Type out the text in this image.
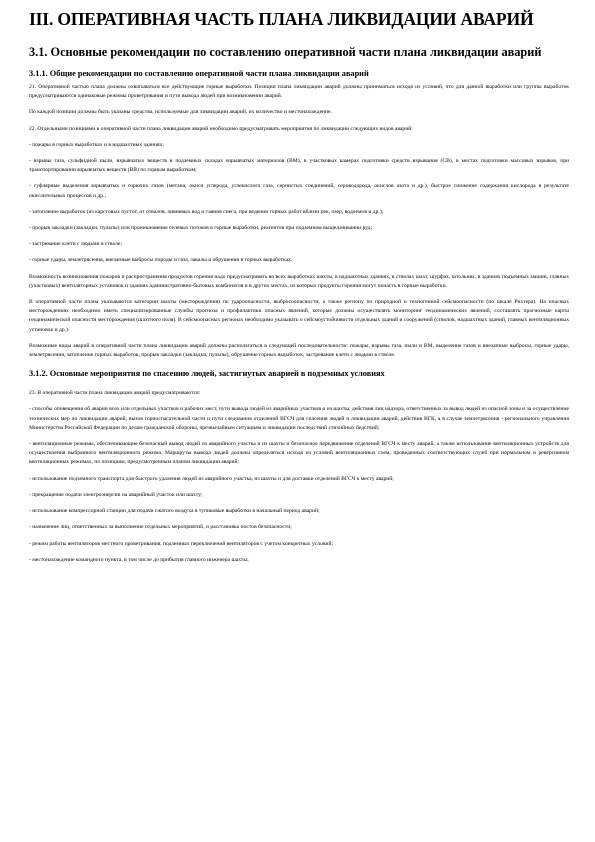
III. ОПЕРАТИВНАЯ ЧАСТЬ ПЛАНА ЛИКВИДАЦИИ АВАРИЙ
3.1. Основные рекомендации по составлению оперативной части плана ликвидации аварий
3.1.1. Общие рекомендации по составлению оперативной части плана ликвидации аварий

21. Оперативной частью плана должны охватываться все действующие горные выработки. Позиции плана ликвидации аварий должны приниматься исходя из условий, что для данной выработки или группы выработок предусматриваются одинаковые режимы проветривания и пути вывода людей при возникновении аварий.

По каждой позиции должны быть указаны средства, используемые для ликвидации аварий, их количество и местонахождение.

22. Отдельными позициями в оперативной части плана ликвидации аварий необходимо предусматривать мероприятия по ликвидации следующих видов аварий:

- пожары в горных выработках и в надшахтных зданиях;

- взрывы газа, сульфидной пыли, взрывчатых веществ в подземных складах взрывчатых материалов (ВМ), в участковых камерах подготовки средств взрывания (СВ), в местах подготовки массовых взрывов, при транспортировании взрывчатых веществ (ВВ) по горным выработкам;

- суфлярные выделения взрывчатых и горючих газов (метана, окиси углерода, углекислого газа, сернистых соединений, сероводорода, окислов азота и др.), быстрое снижение содержания кислорода в результате окислительных процессов и др.;

- затопление выработок (из карстовых пустот, от отвалов, ливневых вод и таяния снега, при ведении горных работ вблизи рек, озер, водоемов и др.);

- прорыв закладки (закладки, пульпы) или проникновение селевых потоков в горные выработки, реагентов при подземном выщелачивании руд;

- застревание клети с людьми в стволе;

- горные удары, землетрясения, внезапные выбросы породы и газа, завалы и обрушения в горных выработках.

Возможность возникновения пожаров и распространения продуктов горения надо предусматривать во всех выработках шахты, в надшахтных зданиях, в стволах шахт, шурфах, штольнях, в зданиях подъемных машин, главных (участковых) вентиляторных установок и зданиях административно-бытовых комбинатов и в других местах, из которых продукты горения могут попасть в горные выработки.

В оперативной части плана указываются категории шахты (месторождения) по удароопасности, выбросоопасности, а также региону по природной и техногенной сейсмоопасности (по шкале Рихтера). На опасных месторождениях необходимо иметь специализированные службы прогноза и профилактики опасных явлений, которые должны осуществлять мониторинг геодинамических явлений, составлять прогнозные карты геодинамической опасности месторождения (шахтного поля). В сейсмоопасных регионах необходимо указывать о сейсмоустойчивости отдельных зданий и сооружений (стволов, надшахтных зданий, главных вентиляционных установок и др.).

Возможные виды аварий в оперативной части плана ликвидации аварий должны располагаться в следующей последовательности: пожары, взрывы газа, пыли и ВМ, выделение газов и внезапные выбросы, горные удары, землетрясения, затопление горных выработок, прорыв закладки (закладки, пульпы), обрушение горных выработок, застревание клети с людьми в стволе.

3.1.2. Основные мероприятия по спасению людей, застигнутых аварией в подземных условиях

23. В оперативной части плана ликвидации аварий предусматриваются:

- способы оповещения об аварии всех или отдельных участков и рабочих мест, пути вывода людей из аварийных участков и из шахты, действия лиц надзора, ответственных за вывод людей из опасной зоны и за осуществление технических мер по ликвидации аварий, вызов горноспасательной части и пути следования отделений ВГСЧ для спасения людей и ликвидации аварий, действия ВГК, а в случае землетрясения - регионального управления Министерства Российской Федерации по делам гражданской обороны, чрезвычайным ситуациям и ликвидации последствий стихийных бедствий;

- вентиляционные режимы, обеспечивающие безопасный вывод людей из аварийного участка и из шахты и безопасное передвижение отделений ВГСЧ к месту аварий, а также использование вентиляционных устройств для осуществления выбранного вентиляционного режима. Маршруты вывода людей должны определяться исходя из условий вентиляционных схем, проведенных соответствующих служб при нормальном и реверсивном вентиляционных режимах, по позициям, предусмотренным планом ликвидации аварий;

- использование подземного транспорта для быстрого удаления людей из аварийного участка, из шахты и для доставки отделений ВГСЧ к месту аварий;

- прекращение подачи электроэнергии на аварийный участок или шахту;

- использование компрессорной станции для подачи сжатого воздуха в тупиковые выработки в начальный период аварий;

- назначение лиц, ответственных за выполнение отдельных мероприятий, и расстановка постов безопасности;

- режим работы вентиляторов местного проветривания, подземных переключений вентиляторов с учетом конкретных условий;

- местонахождение командного пункта, в том числе до прибытия главного инженера шахты;
